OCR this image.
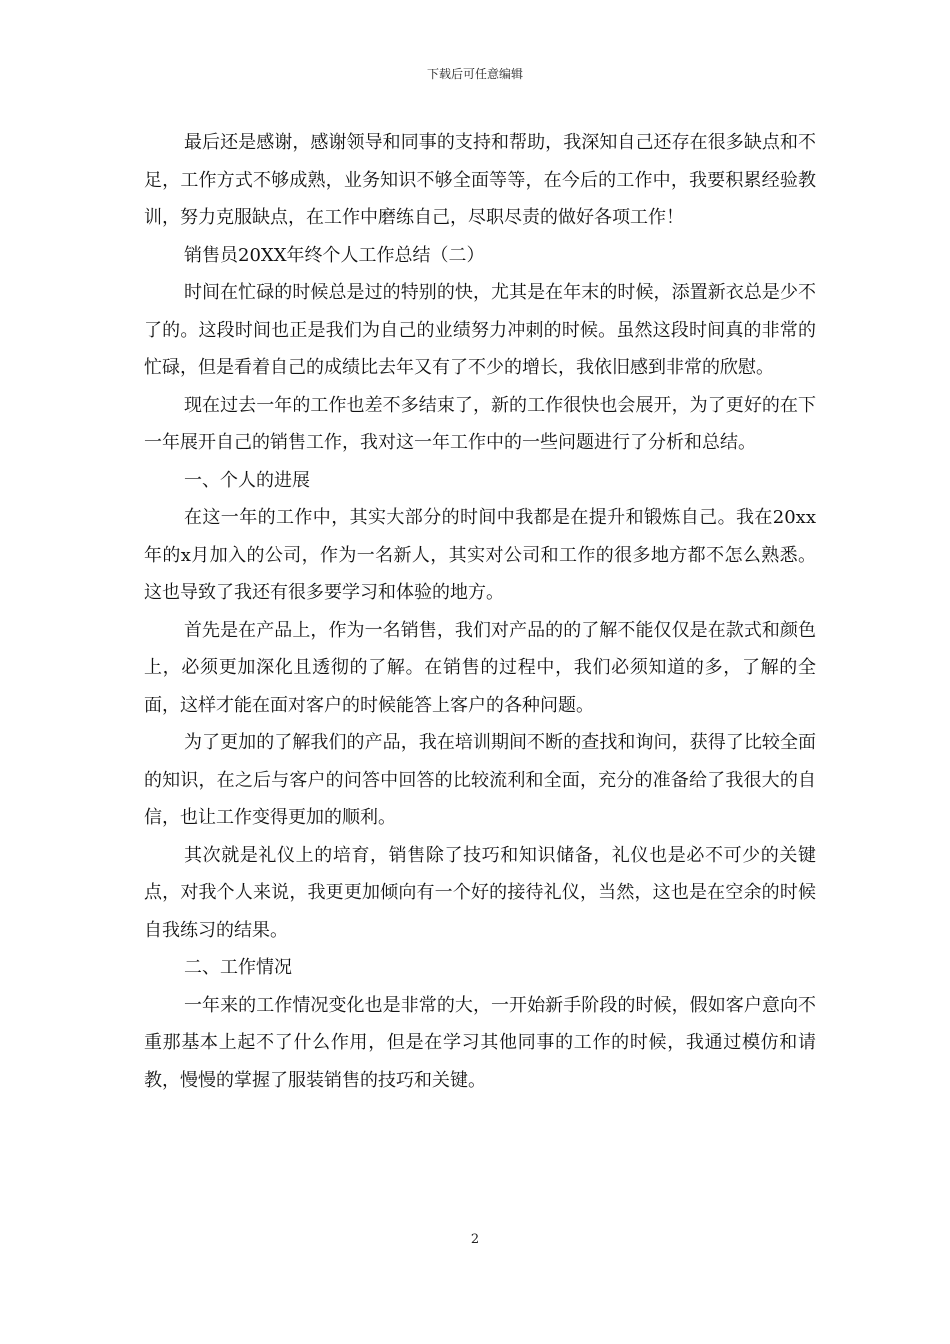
下载后可任意编辑

最后还是感谢，感谢领导和同事的支持和帮助，我深知自己还存在很多缺点和不足，工作方式不够成熟，业务知识不够全面等等，在今后的工作中，我要积累经验教训，努力克服缺点，在工作中磨练自己，尽职尽责的做好各项工作！

销售员20XX年终个人工作总结（二）

时间在忙碌的时候总是过的特别的快，尤其是在年末的时候，添置新衣总是少不了的。这段时间也正是我们为自己的业绩努力冲刺的时候。虽然这段时间真的非常的忙碌，但是看着自己的成绩比去年又有了不少的增长，我依旧感到非常的欣慰。

现在过去一年的工作也差不多结束了，新的工作很快也会展开，为了更好的在下一年展开自己的销售工作，我对这一年工作中的一些问题进行了分析和总结。

一、个人的进展

在这一年的工作中，其实大部分的时间中我都是在提升和锻炼自己。我在20xx年的x月加入的公司，作为一名新人，其实对公司和工作的很多地方都不怎么熟悉。这也导致了我还有很多要学习和体验的地方。

首先是在产品上，作为一名销售，我们对产品的的了解不能仅仅是在款式和颜色上，必须更加深化且透彻的了解。在销售的过程中，我们必须知道的多，了解的全面，这样才能在面对客户的时候能答上客户的各种问题。

为了更加的了解我们的产品，我在培训期间不断的查找和询问，获得了比较全面的知识，在之后与客户的问答中回答的比较流利和全面，充分的准备给了我很大的自信，也让工作变得更加的顺利。

其次就是礼仪上的培育，销售除了技巧和知识储备，礼仪也是必不可少的关键点，对我个人来说，我更更加倾向有一个好的接待礼仪，当然，这也是在空余的时候自我练习的结果。

二、工作情况

一年来的工作情况变化也是非常的大，一开始新手阶段的时候，假如客户意向不重那基本上起不了什么作用，但是在学习其他同事的工作的时候，我通过模仿和请教，慢慢的掌握了服装销售的技巧和关键。

2
